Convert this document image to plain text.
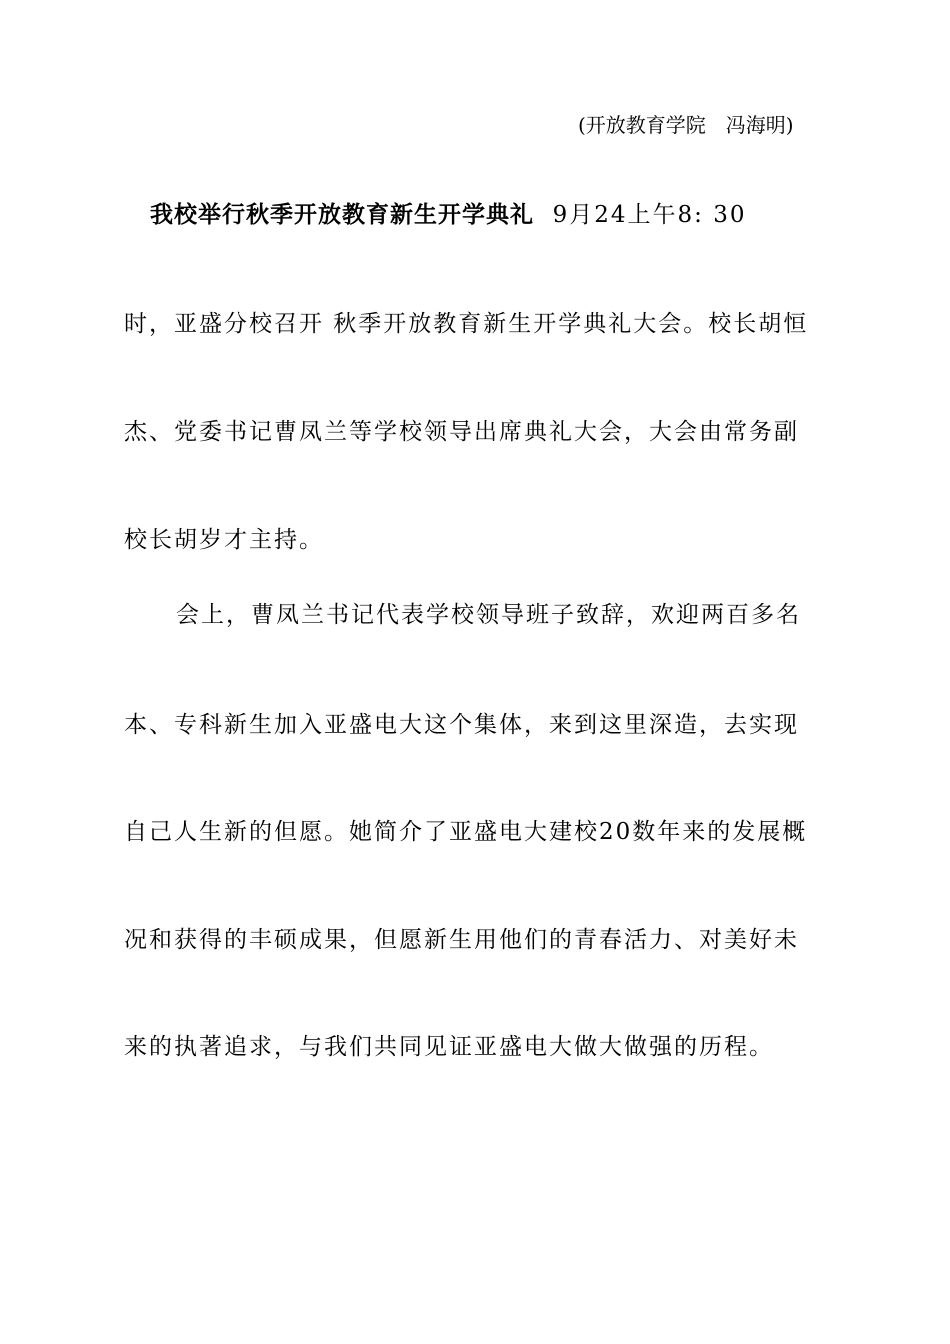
(开放教育学院　冯海明)
我校举行秋季开放教育新生开学典礼 9月24上午8: 30
时，亚盛分校召开 秋季开放教育新生开学典礼大会。校长胡恒
杰、党委书记曹凤兰等学校领导出席典礼大会，大会由常务副
校长胡岁才主持。
会上，曹凤兰书记代表学校领导班子致辞，欢迎两百多名
本、专科新生加入亚盛电大这个集体，来到这里深造，去实现
自己人生新的但愿。她简介了亚盛电大建校20数年来的发展概
况和获得的丰硕成果，但愿新生用他们的青春活力、对美好未
来的执著追求，与我们共同见证亚盛电大做大做强的历程。
